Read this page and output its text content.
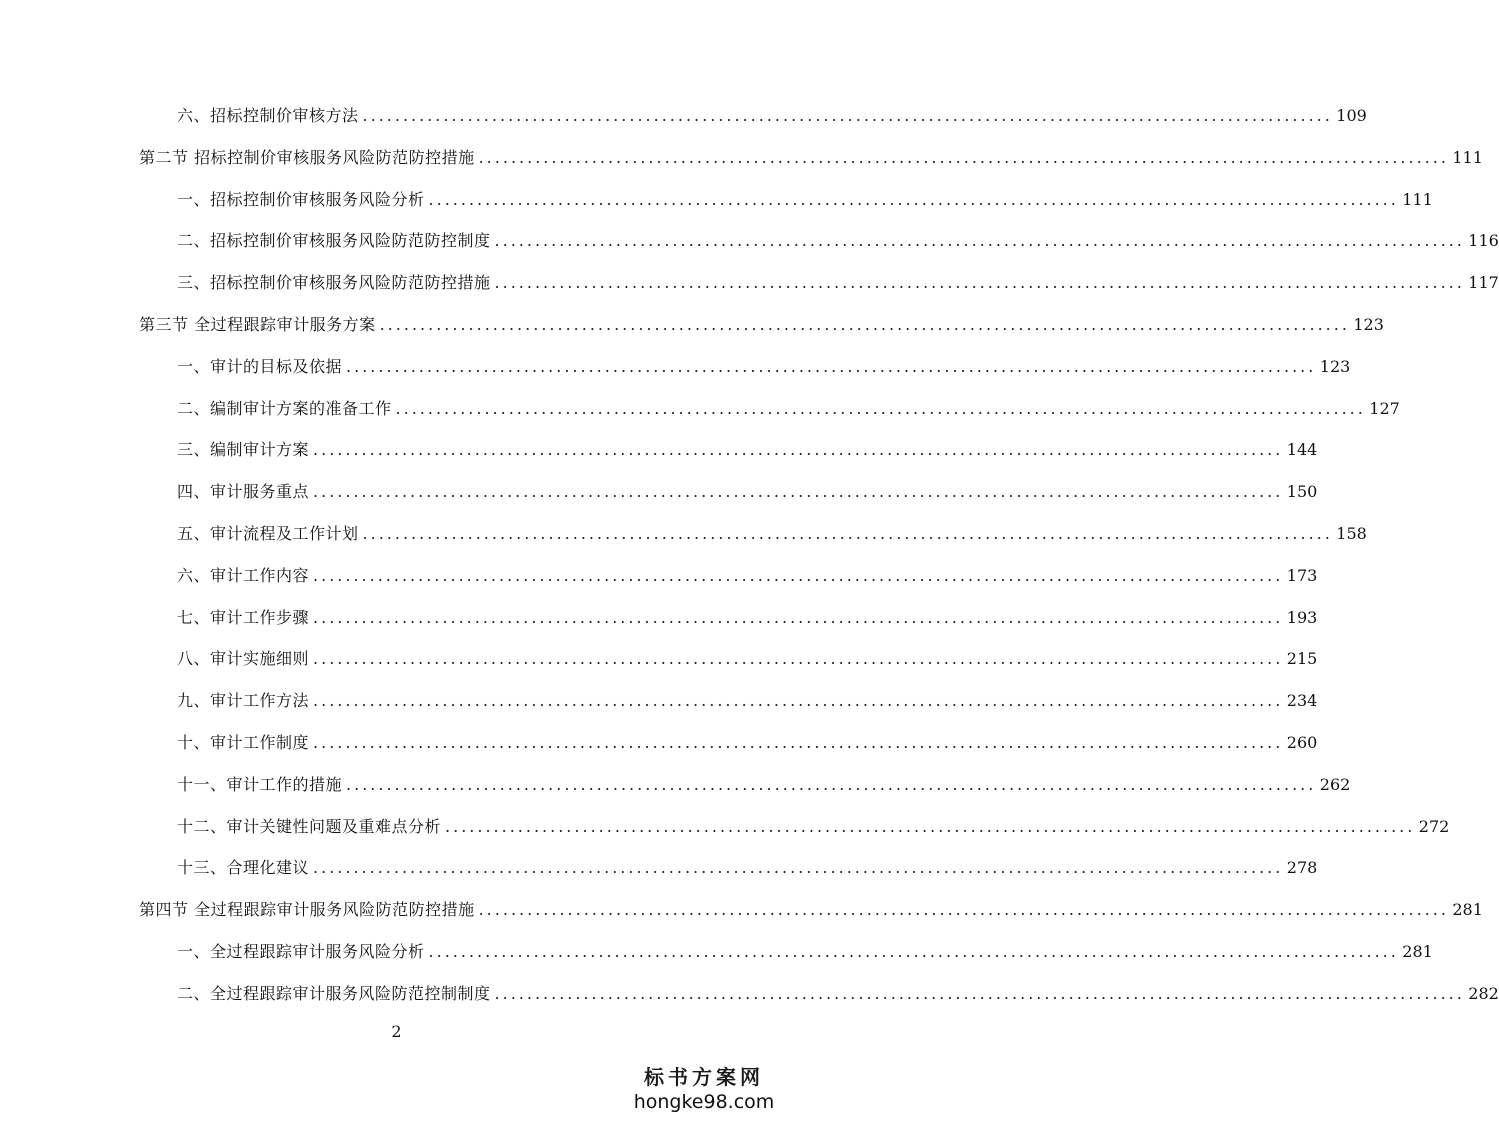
六、招标控制价审核方法 ........................................................................................................................ 109
第二节 招标控制价审核服务风险防范防控措施 ........................................................................................................................ 111
一、招标控制价审核服务风险分析 ........................................................................................................................ 111
二、招标控制价审核服务风险防范防控制度 ........................................................................................................................ 116
三、招标控制价审核服务风险防范防控措施 ........................................................................................................................ 117
第三节 全过程跟踪审计服务方案 ........................................................................................................................ 123
一、审计的目标及依据 ........................................................................................................................ 123
二、编制审计方案的准备工作 ........................................................................................................................ 127
三、编制审计方案 ........................................................................................................................ 144
四、审计服务重点 ........................................................................................................................ 150
五、审计流程及工作计划 ........................................................................................................................ 158
六、审计工作内容 ........................................................................................................................ 173
七、审计工作步骤 ........................................................................................................................ 193
八、审计实施细则 ........................................................................................................................ 215
九、审计工作方法 ........................................................................................................................ 234
十、审计工作制度 ........................................................................................................................ 260
十一、审计工作的措施 ........................................................................................................................ 262
十二、审计关键性问题及重难点分析 ........................................................................................................................ 272
十三、合理化建议 ........................................................................................................................ 278
第四节 全过程跟踪审计服务风险防范防控措施 ........................................................................................................................ 281
一、全过程跟踪审计服务风险分析 ........................................................................................................................ 281
二、全过程跟踪审计服务风险防范控制制度 ........................................................................................................................ 282
2
标书方案网
hongke98.com
